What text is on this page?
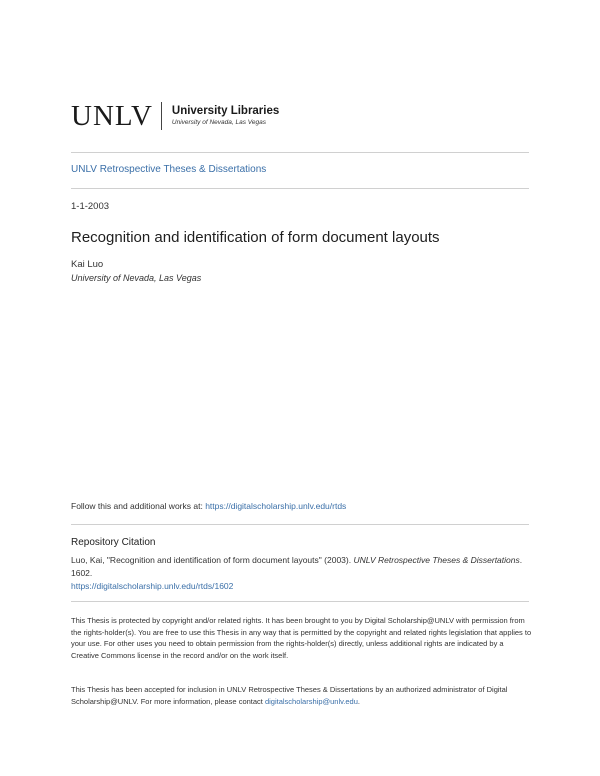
UNLV University Libraries
University of Nevada, Las Vegas
UNLV Retrospective Theses & Dissertations
1-1-2003
Recognition and identification of form document layouts
Kai Luo
University of Nevada, Las Vegas
Follow this and additional works at: https://digitalscholarship.unlv.edu/rtds
Repository Citation
Luo, Kai, "Recognition and identification of form document layouts" (2003). UNLV Retrospective Theses & Dissertations. 1602.
https://digitalscholarship.unlv.edu/rtds/1602
This Thesis is protected by copyright and/or related rights. It has been brought to you by Digital Scholarship@UNLV with permission from the rights-holder(s). You are free to use this Thesis in any way that is permitted by the copyright and related rights legislation that applies to your use. For other uses you need to obtain permission from the rights-holder(s) directly, unless additional rights are indicated by a Creative Commons license in the record and/or on the work itself.
This Thesis has been accepted for inclusion in UNLV Retrospective Theses & Dissertations by an authorized administrator of Digital Scholarship@UNLV. For more information, please contact digitalscholarship@unlv.edu.
